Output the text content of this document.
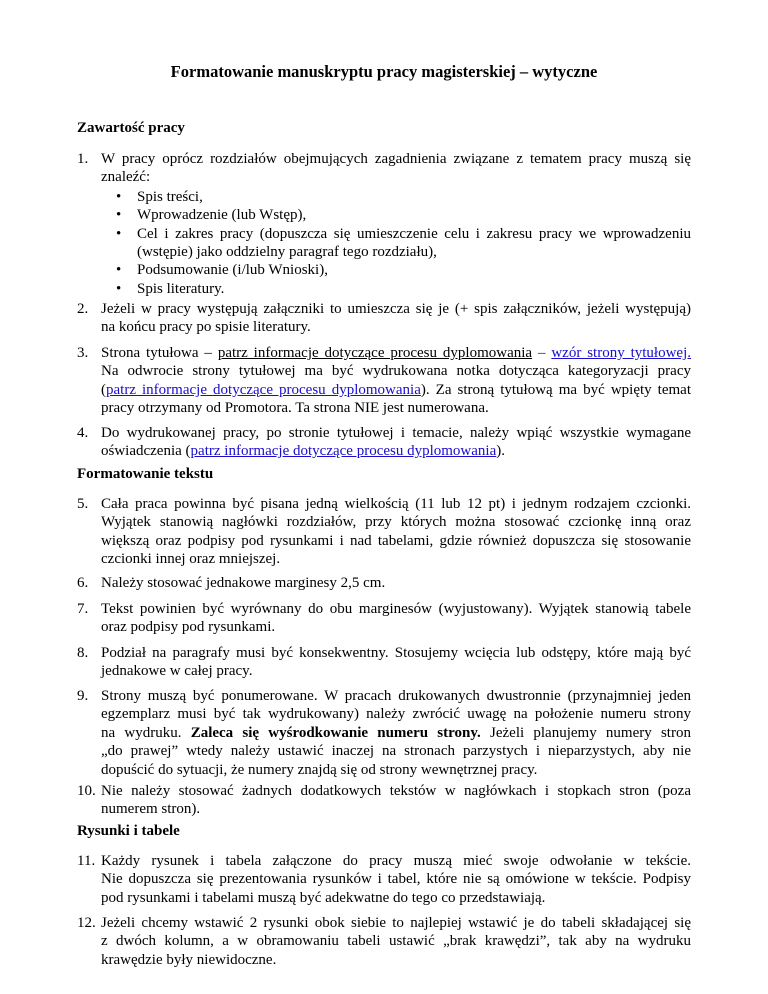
Formatowanie manuskryptu pracy magisterskiej – wytyczne
Zawartość pracy
1. W pracy oprócz rozdziałów obejmujących zagadnienia związane z tematem pracy muszą się
znaleźć:
• Spis treści,
• Wprowadzenie (lub Wstęp),
• Cel i zakres pracy (dopuszcza się umieszczenie celu i zakresu pracy we wprowadzeniu
(wstępie) jako oddzielny paragraf tego rozdziału),
• Podsumowanie (i/lub Wnioski),
• Spis literatury.
2. Jeżeli w pracy występują załączniki to umieszcza się je (+ spis załączników, jeżeli występują)
na końcu pracy po spisie literatury.
3. Strona tytułowa – patrz informacje dotyczące procesu dyplomowania – wzór strony tytułowej.
Na odwrocie strony tytułowej ma być wydrukowana notka dotycząca kategoryzacji pracy
(patrz informacje dotyczące procesu dyplomowania). Za stroną tytułową ma być wpięty temat
pracy otrzymany od Promotora. Ta strona NIE jest numerowana.
4. Do wydrukowanej pracy, po stronie tytułowej i temacie, należy wpiąć wszystkie wymagane
oświadczenia (patrz informacje dotyczące procesu dyplomowania).
Formatowanie tekstu
5. Cała praca powinna być pisana jedną wielkością (11 lub 12 pt) i jednym rodzajem czcionki.
Wyjątek stanowią nagłówki rozdziałów, przy których można stosować czcionkę inną oraz
większą oraz podpisy pod rysunkami i nad tabelami, gdzie również dopuszcza się stosowanie
czcionki innej oraz mniejszej.
6. Należy stosować jednakowe marginesy 2,5 cm.
7. Tekst powinien być wyrównany do obu marginesów (wyjustowany). Wyjątek stanowią tabele
oraz podpisy pod rysunkami.
8. Podział na paragrafy musi być konsekwentny. Stosujemy wcięcia lub odstępy, które mają być
jednakowe w całej pracy.
9. Strony muszą być ponumerowane. W pracach drukowanych dwustronnie (przynajmniej jeden
egzemplarz musi być tak wydrukowany) należy zwrócić uwagę na położenie numeru strony
na wydruku. Zaleca się wyśrodkowanie numeru strony. Jeżeli planujemy numery stron
„do prawej” wtedy należy ustawić inaczej na stronach parzystych i nieparzystych, aby nie
dopuścić do sytuacji, że numery znajdą się od strony wewnętrznej pracy.
10. Nie należy stosować żadnych dodatkowych tekstów w nagłówkach i stopkach stron (poza
numerem stron).
Rysunki i tabele
11. Każdy rysunek i tabela załączone do pracy muszą mieć swoje odwołanie w tekście.
Nie dopuszcza się prezentowania rysunków i tabel, które nie są omówione w tekście. Podpisy
pod rysunkami i tabelami muszą być adekwatne do tego co przedstawiają.
12. Jeżeli chcemy wstawić 2 rysunki obok siebie to najlepiej wstawić je do tabeli składającej się
z dwóch kolumn, a w obramowaniu tabeli ustawić „brak krawędzi”, tak aby na wydruku
krawędzie były niewidoczne.
